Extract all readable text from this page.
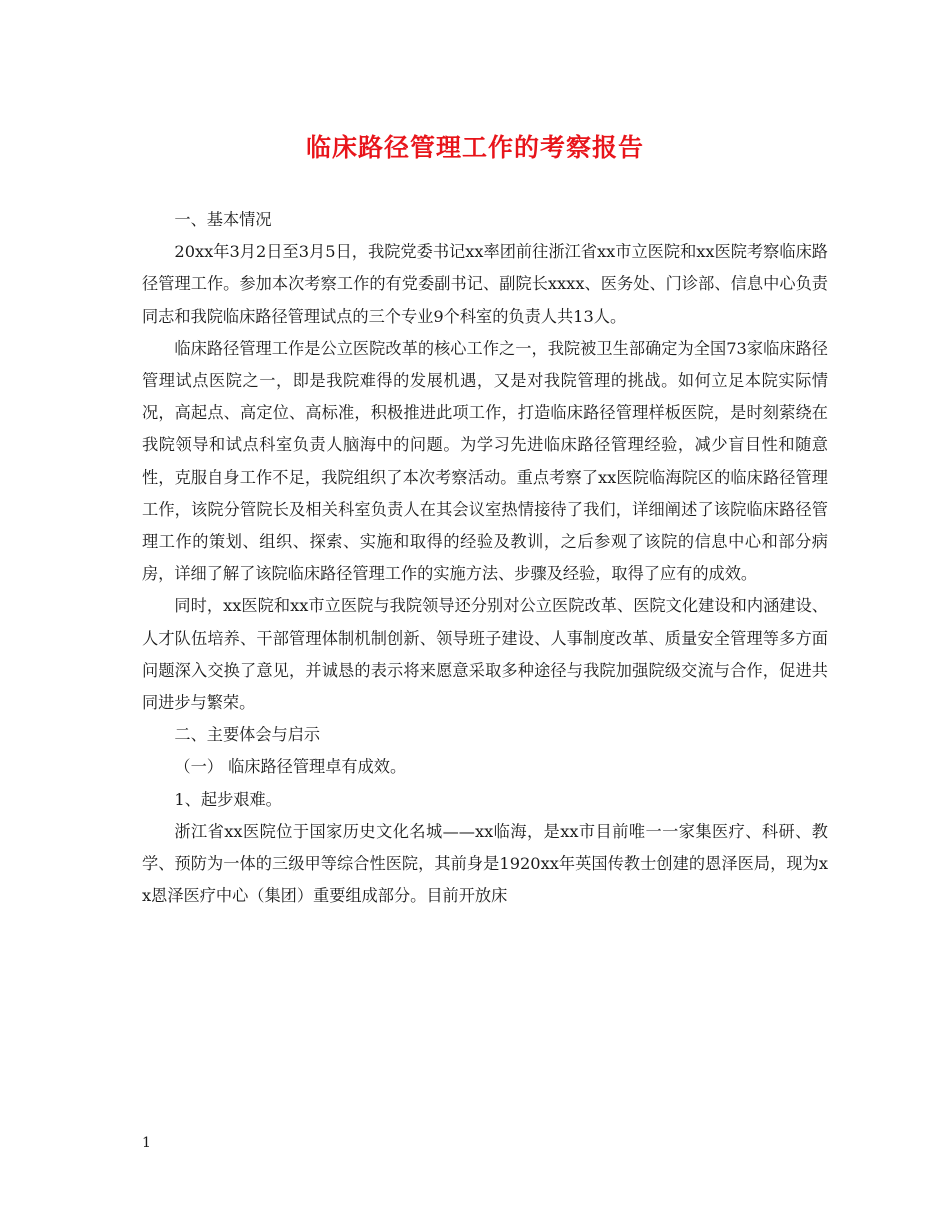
临床路径管理工作的考察报告

一、基本情况

20xx年3月2日至3月5日，我院党委书记xx率团前往浙江省xx市立医院和xx医院考察临床路径管理工作。参加本次考察工作的有党委副书记、副院长xxxx、医务处、门诊部、信息中心负责同志和我院临床路径管理试点的三个专业9个科室的负责人共13人。

临床路径管理工作是公立医院改革的核心工作之一，我院被卫生部确定为全国73家临床路径管理试点医院之一，即是我院难得的发展机遇，又是对我院管理的挑战。如何立足本院实际情况，高起点、高定位、高标准，积极推进此项工作，打造临床路径管理样板医院，是时刻萦绕在我院领导和试点科室负责人脑海中的问题。为学习先进临床路径管理经验，减少盲目性和随意性，克服自身工作不足，我院组织了本次考察活动。重点考察了xx医院临海院区的临床路径管理工作，该院分管院长及相关科室负责人在其会议室热情接待了我们，详细阐述了该院临床路径管理工作的策划、组织、探索、实施和取得的经验及教训，之后参观了该院的信息中心和部分病房，详细了解了该院临床路径管理工作的实施方法、步骤及经验，取得了应有的成效。

同时，xx医院和xx市立医院与我院领导还分别对公立医院改革、医院文化建设和内涵建设、人才队伍培养、干部管理体制机制创新、领导班子建设、人事制度改革、质量安全管理等多方面问题深入交换了意见，并诚恳的表示将来愿意采取多种途径与我院加强院级交流与合作，促进共同进步与繁荣。

二、主要体会与启示

（一） 临床路径管理卓有成效。

1、起步艰难。

浙江省xx医院位于国家历史文化名城——xx临海，是xx市目前唯一一家集医疗、科研、教学、预防为一体的三级甲等综合性医院，其前身是1920xx年英国传教士创建的恩泽医局，现为xx恩泽医疗中心（集团）重要组成部分。目前开放床

1
